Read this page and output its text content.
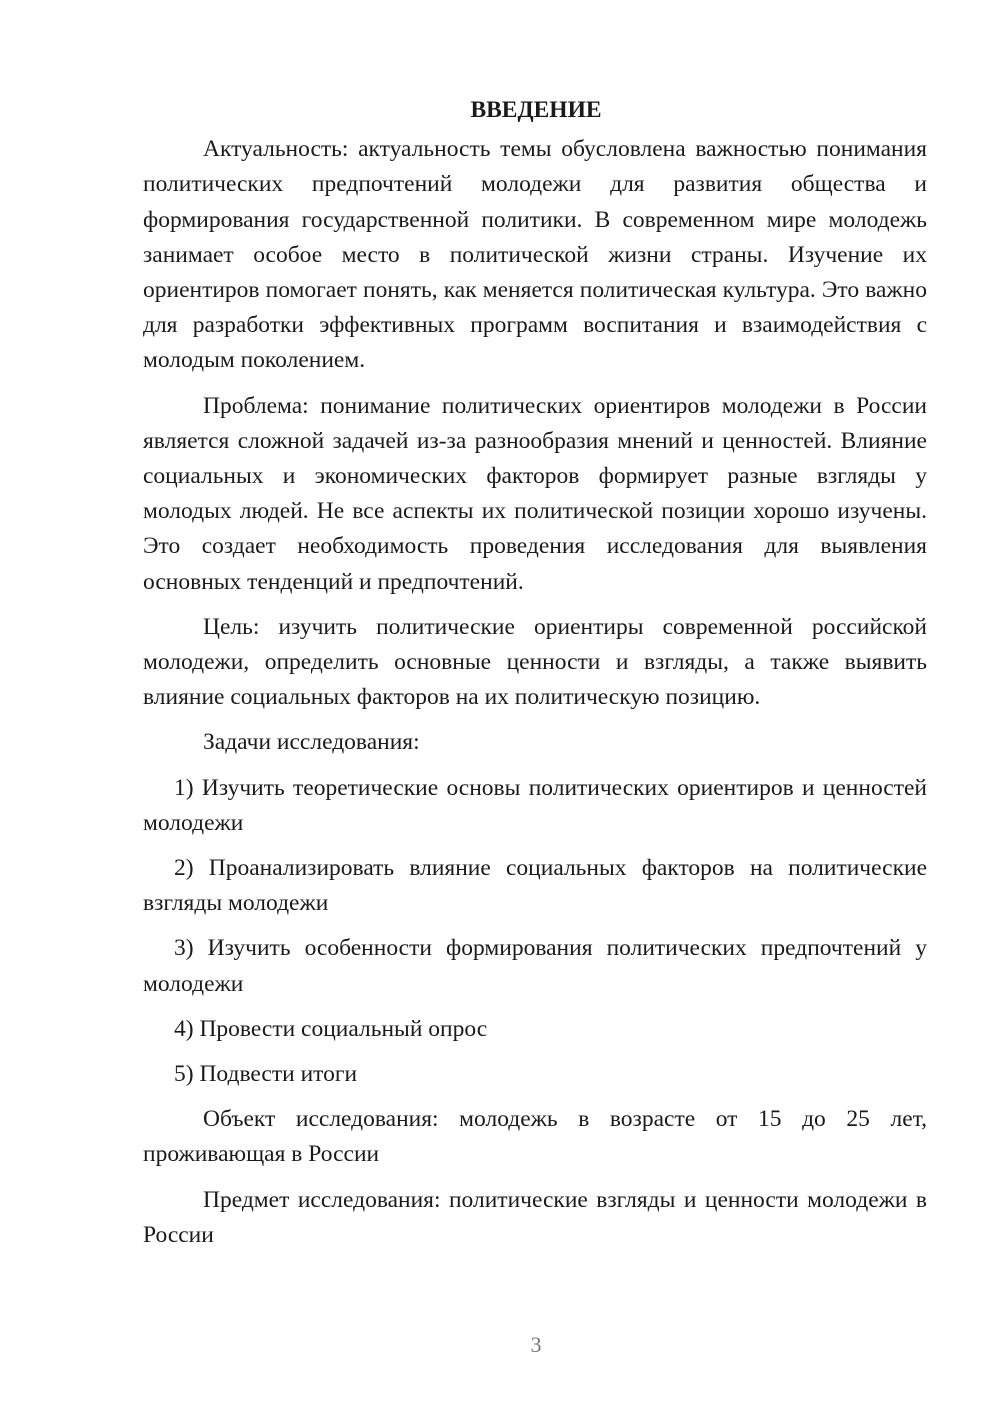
ВВЕДЕНИЕ

Актуальность: актуальность темы обусловлена важностью понимания политических предпочтений молодежи для развития общества и формирования государственной политики. В современном мире молодежь занимает особое место в политической жизни страны. Изучение их ориентиров помогает понять, как меняется политическая культура. Это важно для разработки эффективных программ воспитания и взаимодействия с молодым поколением.

Проблема: понимание политических ориентиров молодежи в России является сложной задачей из-за разнообразия мнений и ценностей. Влияние социальных и экономических факторов формирует разные взгляды у молодых людей. Не все аспекты их политической позиции хорошо изучены. Это создает необходимость проведения исследования для выявления основных тенденций и предпочтений.

Цель: изучить политические ориентиры современной российской молодежи, определить основные ценности и взгляды, а также выявить влияние социальных факторов на их политическую позицию.

Задачи исследования:

1) Изучить теоретические основы политических ориентиров и ценностей молодежи

2) Проанализировать влияние социальных факторов на политические взгляды молодежи

3) Изучить особенности формирования политических предпочтений у молодежи

4) Провести социальный опрос

5) Подвести итоги

Объект исследования: молодежь в возрасте от 15 до 25 лет, проживающая в России

Предмет исследования: политические взгляды и ценности молодежи в России

3
